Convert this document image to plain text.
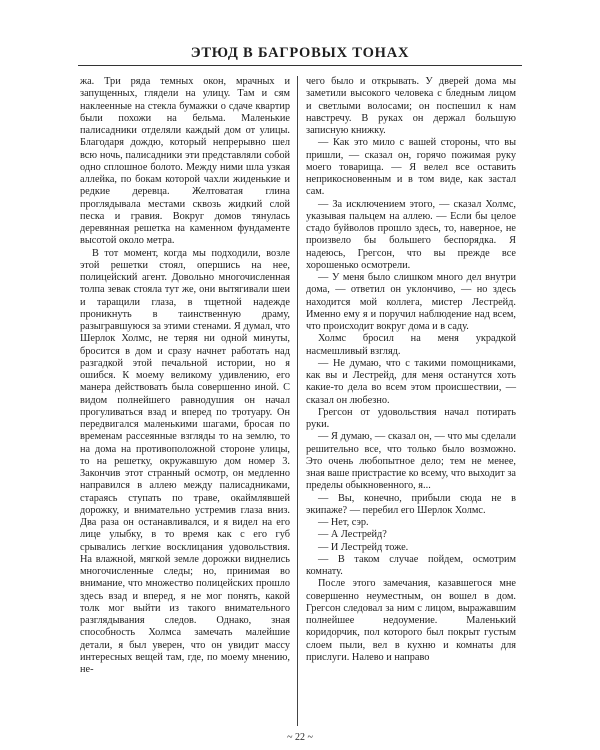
ЭТЮД В БАГРОВЫХ ТОНАХ

жа. Три ряда темных окон, мрачных и запущенных, глядели на улицу. Там и сям наклеенные на стекла бумажки о сдаче квартир были похожи на бельма. Маленькие палисадники отделяли каждый дом от улицы. Благодаря дождю, который непрерывно шел всю ночь, палисадники эти представляли собой одно сплошное болото. Между ними шла узкая аллейка, по бокам которой чахли жиденькие и редкие деревца. Желтоватая глина проглядывала местами сквозь жидкий слой песка и гравия. Вокруг домов тянулась деревянная решетка на каменном фундаменте высотой около метра.

В тот момент, когда мы подходили, возле этой решетки стоял, опершись на нее, полицейский агент. Довольно многочисленная толпа зевак стояла тут же, они вытягивали шеи и таращили глаза, в тщетной надежде проникнуть в таинственную драму, разыгравшуюся за этими стенами. Я думал, что Шерлок Холмс, не теряя ни одной минуты, бросится в дом и сразу начнет работать над разгадкой этой печальной истории, но я ошибся. К моему великому удивлению, его манера действовать была совершенно иной. С видом полнейшего равнодушия он начал прогуливаться взад и вперед по тротуару. Он передвигался маленькими шагами, бросая по временам рассеянные взгляды то на землю, то на дома на противоположной стороне улицы, то на решетку, окружавшую дом номер 3. Закончив этот странный осмотр, он медленно направился в аллею между палисадниками, стараясь ступать по траве, окаймлявшей дорожку, и внимательно устремив глаза вниз. Два раза он останавливался, и я видел на его лице улыбку, в то время как с его губ срывались легкие восклицания удовольствия. На влажной, мягкой земле дорожки виднелись многочисленные следы; но, принимая во внимание, что множество полицейских прошло здесь взад и вперед, я не мог понять, какой толк мог выйти из такого внимательного разглядывания следов. Однако, зная способность Холмса замечать малейшие детали, я был уверен, что он увидит массу интересных вещей там, где, по моему мнению, не-

чего было и открывать. У дверей дома мы заметили высокого человека с бледным лицом и светлыми волосами; он поспешил к нам навстречу. В руках он держал большую записную книжку.

— Как это мило с вашей стороны, что вы пришли, — сказал он, горячо пожимая руку моего товарища. — Я велел все оставить неприкосновенным и в том виде, как застал сам.

— За исключением этого, — сказал Холмс, указывая пальцем на аллею. — Если бы целое стадо буйволов прошло здесь, то, наверное, не произвело бы большего беспорядка. Я надеюсь, Грегсон, что вы прежде все хорошенько осмотрели.

— У меня было слишком много дел внутри дома, — ответил он уклончиво, — но здесь находится мой коллега, мистер Лестрейд. Именно ему я и поручил наблюдение над всем, что происходит вокруг дома и в саду.

Холмс бросил на меня украдкой насмешливый взгляд.

— Не думаю, что с такими помощниками, как вы и Лестрейд, для меня останутся хоть какие-то дела во всем этом происшествии, — сказал он любезно.

Грегсон от удовольствия начал потирать руки.

— Я думаю, — сказал он, — что мы сделали решительно все, что только было возможно. Это очень любопытное дело; тем не менее, зная ваше пристрастие ко всему, что выходит за пределы обыкновенного, я...

— Вы, конечно, прибыли сюда не в экипаже? — перебил его Шерлок Холмс.

— Нет, сэр.

— А Лестрейд?

— И Лестрейд тоже.

— В таком случае пойдем, осмотрим комнату.

После этого замечания, казавшегося мне совершенно неуместным, он вошел в дом. Грегсон следовал за ним с лицом, выражавшим полнейшее недоумение. Маленький коридорчик, пол которого был покрыт густым слоем пыли, вел в кухню и комнаты для прислуги. Налево и направо

~ 22 ~
